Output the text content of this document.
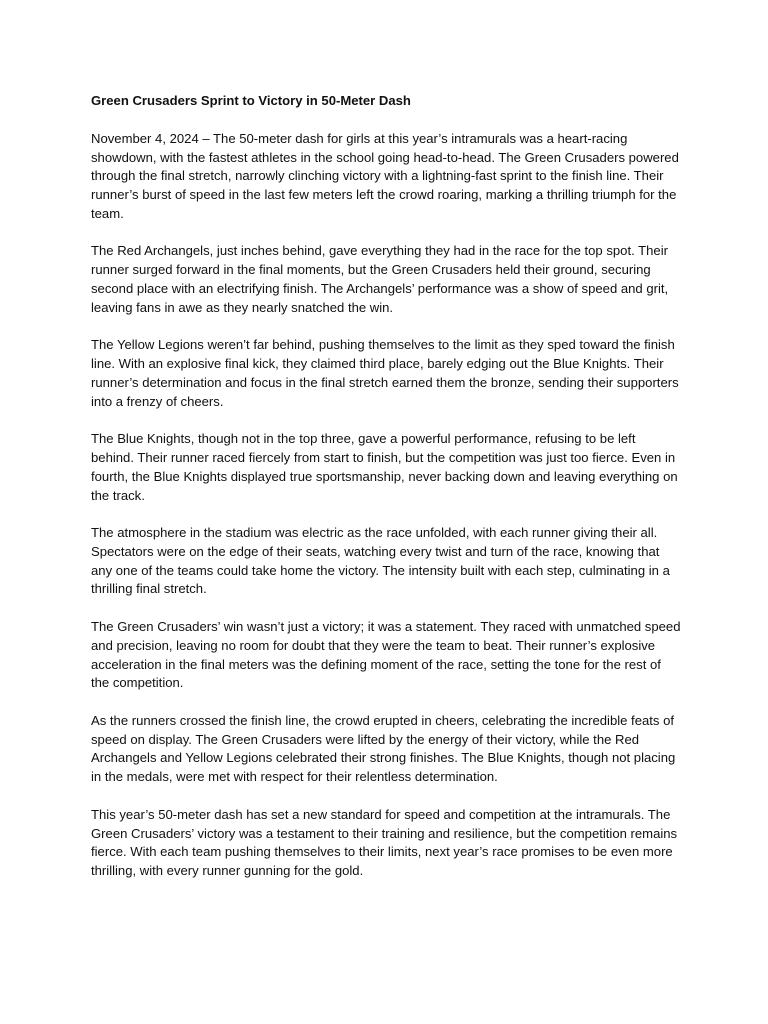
Green Crusaders Sprint to Victory in 50-Meter Dash

November 4, 2024 – The 50-meter dash for girls at this year’s intramurals was a heart-racing showdown, with the fastest athletes in the school going head-to-head. The Green Crusaders powered through the final stretch, narrowly clinching victory with a lightning-fast sprint to the finish line. Their runner’s burst of speed in the last few meters left the crowd roaring, marking a thrilling triumph for the team.

The Red Archangels, just inches behind, gave everything they had in the race for the top spot. Their runner surged forward in the final moments, but the Green Crusaders held their ground, securing second place with an electrifying finish. The Archangels’ performance was a show of speed and grit, leaving fans in awe as they nearly snatched the win.

The Yellow Legions weren’t far behind, pushing themselves to the limit as they sped toward the finish line. With an explosive final kick, they claimed third place, barely edging out the Blue Knights. Their runner’s determination and focus in the final stretch earned them the bronze, sending their supporters into a frenzy of cheers.

The Blue Knights, though not in the top three, gave a powerful performance, refusing to be left behind. Their runner raced fiercely from start to finish, but the competition was just too fierce. Even in fourth, the Blue Knights displayed true sportsmanship, never backing down and leaving everything on the track.

The atmosphere in the stadium was electric as the race unfolded, with each runner giving their all. Spectators were on the edge of their seats, watching every twist and turn of the race, knowing that any one of the teams could take home the victory. The intensity built with each step, culminating in a thrilling final stretch.

The Green Crusaders’ win wasn’t just a victory; it was a statement. They raced with unmatched speed and precision, leaving no room for doubt that they were the team to beat. Their runner’s explosive acceleration in the final meters was the defining moment of the race, setting the tone for the rest of the competition.

As the runners crossed the finish line, the crowd erupted in cheers, celebrating the incredible feats of speed on display. The Green Crusaders were lifted by the energy of their victory, while the Red Archangels and Yellow Legions celebrated their strong finishes. The Blue Knights, though not placing in the medals, were met with respect for their relentless determination.

This year’s 50-meter dash has set a new standard for speed and competition at the intramurals. The Green Crusaders’ victory was a testament to their training and resilience, but the competition remains fierce. With each team pushing themselves to their limits, next year’s race promises to be even more thrilling, with every runner gunning for the gold.
